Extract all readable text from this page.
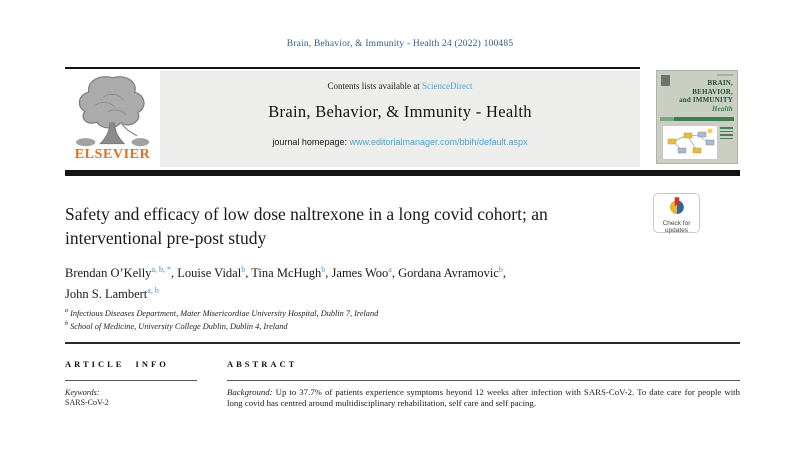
Brain, Behavior, & Immunity - Health 24 (2022) 100485
ELSEVIER
Contents lists available at ScienceDirect
Brain, Behavior, & Immunity - Health
journal homepage: www.editorialmanager.com/bbih/default.aspx
BRAIN,
BEHAVIOR,
and IMMUNITY
Health
Check for
updates
Safety and efficacy of low dose naltrexone in a long covid cohort; an
interventional pre-post study
Brendan O’Kelly$^{a, b, *}$, Louise Vidal$^b$, Tina McHugh$^b$, James Woo$^a$, Gordana Avramovic$^b$,
John S. Lambert$^{a, b}$
$^a$ Infectious Diseases Department, Mater Misericordiae University Hospital, Dublin 7, Ireland
$^b$ School of Medicine, University College Dublin, Dublin 4, Ireland
ARTICLE INFO	ABSTRACT
Keywords:
SARS-CoV-2
Background: Up to 37.7% of patients experience symptoms beyond 12 weeks after infection with SARS-CoV-2. To date care for people with long covid has centred around multidisciplinary rehabilitation, self care and self pacing.
